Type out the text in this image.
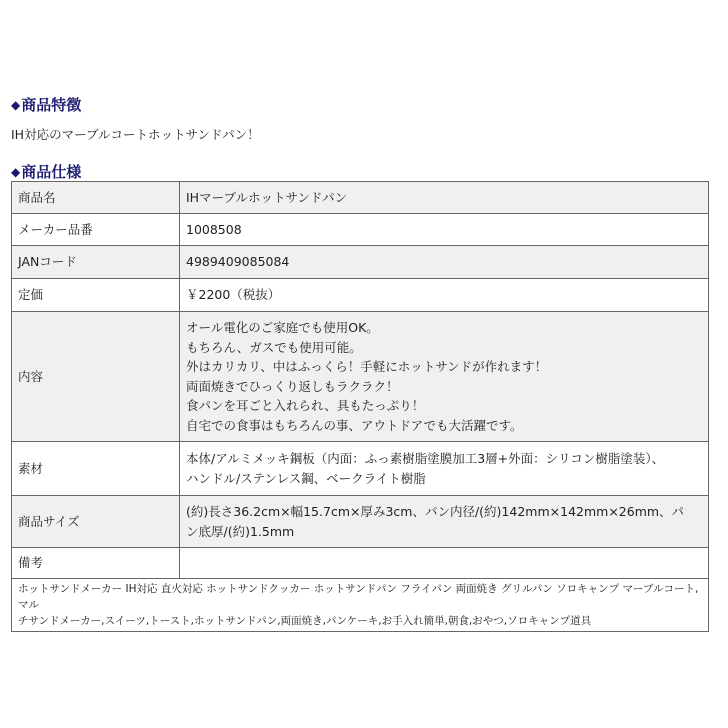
◆商品特徴
IH対応のマーブルコートホットサンドパン！
◆商品仕様
商品名	IHマーブルホットサンドパン
メーカー品番	1008508
JANコード	4989409085084
定価	￥2200（税抜）
内容	
オール電化のご家庭でも使用OK。
もちろん、ガスでも使用可能。
外はカリカリ、中はふっくら！手軽にホットサンドが作れます！
両面焼きでひっくり返しもラクラク！
食パンを耳ごと入れられ、具もたっぷり！
自宅での食事はもちろんの事、アウトドアでも大活躍です。

素材	本体/アルミメッキ鋼板（内面：ふっ素樹脂塗膜加工3層+外面：シリコン樹脂塗装）、
ハンドル/ステンレス鋼、ベークライト樹脂

商品サイズ	(約)長さ36.2cm×幅15.7cm×厚み3cm、パン内径/(約)142mm×142mm×26mm、パ
ン底厚/(約)1.5mm

備考	

ホットサンドメーカー IH対応 直火対応 ホットサンドクッカー ホットサンドパン フライパン 両面焼き グリルパン ソロキャンプ マーブルコート,マル
チサンドメーカー,スイーツ,トースト,ホットサンドパン,両面焼き,パンケーキ,お手入れ簡単,朝食,おやつ,ソロキャンプ道具	
